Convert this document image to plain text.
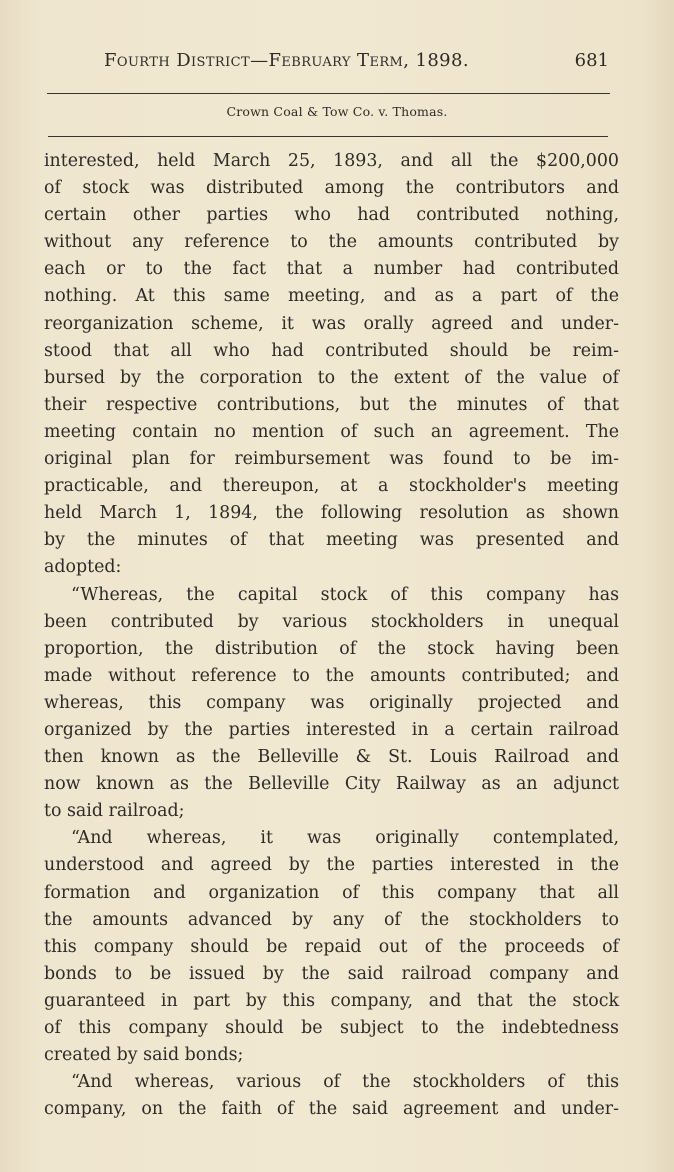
Fourth District—February Term, 1898.	681
Crown Coal & Tow Co. v. Thomas.
interested, held March 25, 1893, and all the $200,000
of stock was distributed among the contributors and
certain other parties who had contributed nothing,
without any reference to the amounts contributed by
each or to the fact that a number had contributed
nothing. At this same meeting, and as a part of the
reorganization scheme, it was orally agreed and under-
stood that all who had contributed should be reim-
bursed by the corporation to the extent of the value of
their respective contributions, but the minutes of that
meeting contain no mention of such an agreement. The
original plan for reimbursement was found to be im-
practicable, and thereupon, at a stockholder's meeting
held March 1, 1894, the following resolution as shown
by the minutes of that meeting was presented and
adopted:
“Whereas, the capital stock of this company has
been contributed by various stockholders in unequal
proportion, the distribution of the stock having been
made without reference to the amounts contributed; and
whereas, this company was originally projected and
organized by the parties interested in a certain railroad
then known as the Belleville & St. Louis Railroad and
now known as the Belleville City Railway as an adjunct
to said railroad;
“And whereas, it was originally contemplated,
understood and agreed by the parties interested in the
formation and organization of this company that all
the amounts advanced by any of the stockholders to
this company should be repaid out of the proceeds of
bonds to be issued by the said railroad company and
guaranteed in part by this company, and that the stock
of this company should be subject to the indebtedness
created by said bonds;
“And whereas, various of the stockholders of this
company, on the faith of the said agreement and under-
